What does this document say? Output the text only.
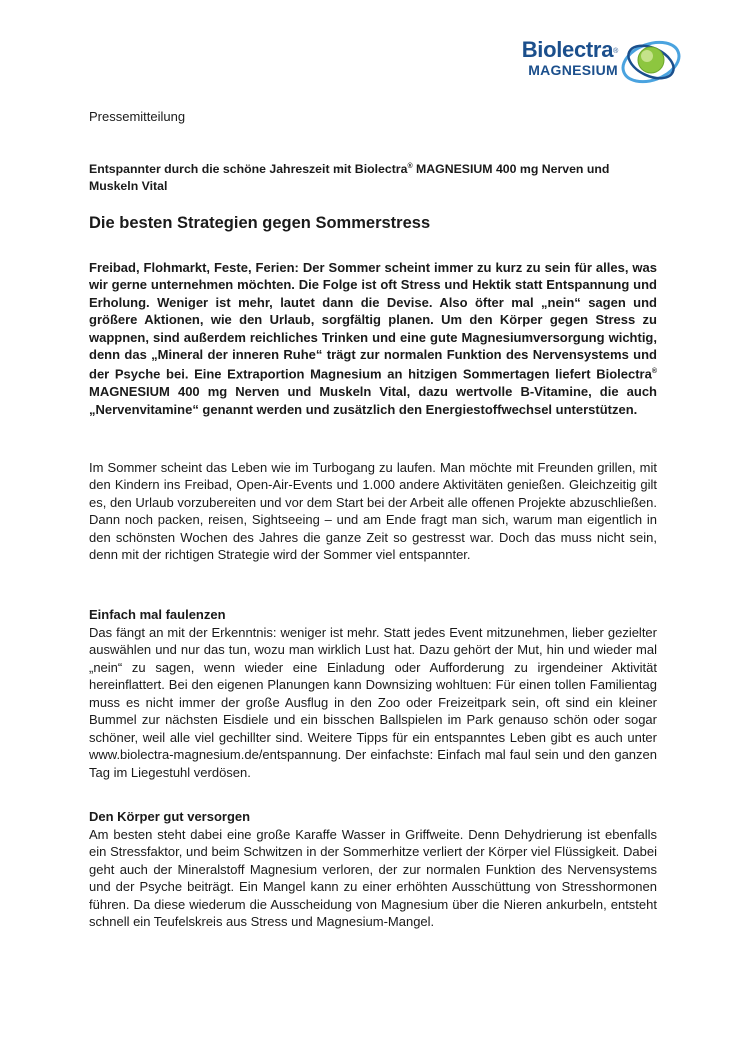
Biolectra®
MAGNESIUM
Pressemitteilung
Entspannter durch die schöne Jahreszeit mit Biolectra® MAGNESIUM 400 mg Nerven und Muskeln Vital
Die besten Strategien gegen Sommerstress

Freibad, Flohmarkt, Feste, Ferien: Der Sommer scheint immer zu kurz zu sein für alles, was wir gerne unternehmen möchten. Die Folge ist oft Stress und Hektik statt Entspannung und Erholung. Weniger ist mehr, lautet dann die Devise. Also öfter mal „nein“ sagen und größere Aktionen, wie den Urlaub, sorgfältig planen. Um den Körper gegen Stress zu wappnen, sind außerdem reichliches Trinken und eine gute Magnesiumversorgung wichtig, denn das „Mineral der inneren Ruhe“ trägt zur normalen Funktion des Nervensystems und der Psyche bei. Eine Extraportion Magnesium an hitzigen Sommertagen liefert Biolectra® MAGNESIUM 400 mg Nerven und Muskeln Vital, dazu wertvolle B-Vitamine, die auch „Nervenvitamine“ genannt werden und zusätzlich den Energiestoffwechsel unterstützen.

Im Sommer scheint das Leben wie im Turbogang zu laufen. Man möchte mit Freunden grillen, mit den Kindern ins Freibad, Open-Air-Events und 1.000 andere Aktivitäten genießen. Gleichzeitig gilt es, den Urlaub vorzubereiten und vor dem Start bei der Arbeit alle offenen Projekte abzuschließen. Dann noch packen, reisen, Sightseeing – und am Ende fragt man sich, warum man eigentlich in den schönsten Wochen des Jahres die ganze Zeit so gestresst war. Doch das muss nicht sein, denn mit der richtigen Strategie wird der Sommer viel entspannter.

Einfach mal faulenzen

Das fängt an mit der Erkenntnis: weniger ist mehr. Statt jedes Event mitzunehmen, lieber gezielter auswählen und nur das tun, wozu man wirklich Lust hat. Dazu gehört der Mut, hin und wieder mal „nein“ zu sagen, wenn wieder eine Einladung oder Aufforderung zu irgendeiner Aktivität hereinflattert. Bei den eigenen Planungen kann Downsizing wohltuen: Für einen tollen Familientag muss es nicht immer der große Ausflug in den Zoo oder Freizeitpark sein, oft sind ein kleiner Bummel zur nächsten Eisdiele und ein bisschen Ballspielen im Park genauso schön oder sogar schöner, weil alle viel gechillter sind. Weitere Tipps für ein entspanntes Leben gibt es auch unter www.biolectra-magnesium.de/entspannung. Der einfachste: Einfach mal faul sein und den ganzen Tag im Liegestuhl verdösen.

Den Körper gut versorgen

Am besten steht dabei eine große Karaffe Wasser in Griffweite. Denn Dehydrierung ist ebenfalls ein Stressfaktor, und beim Schwitzen in der Sommerhitze verliert der Körper viel Flüssigkeit. Dabei geht auch der Mineralstoff Magnesium verloren, der zur normalen Funktion des Nervensystems und der Psyche beiträgt. Ein Mangel kann zu einer erhöhten Ausschüttung von Stresshormonen führen. Da diese wiederum die Ausscheidung von Magnesium über die Nieren ankurbeln, entsteht schnell ein Teufelskreis aus Stress und Magnesium-Mangel.
